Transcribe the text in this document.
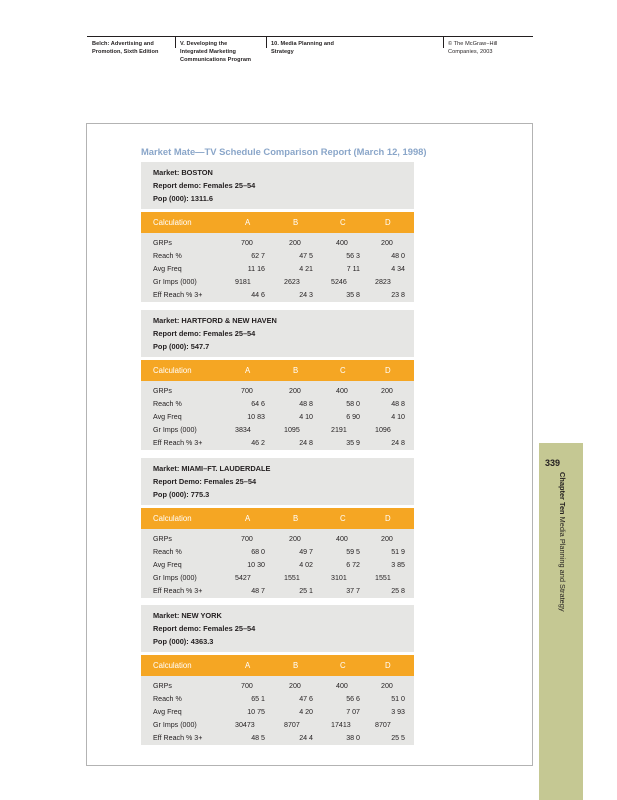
Belch: Advertising and
Promotion, Sixth Edition
V. Developing the
Integrated Marketing
Communications Program
10. Media Planning and
Strategy
© The McGraw−Hill
Companies, 2003
Market Mate—TV Schedule Comparison Report (March 12, 1998)
Market: BOSTON
Report demo: Females 25–54
Pop (000): 1311.6
Calculation	A	B	C	D
GRPs	700	200	400	200
Reach %	62 7	47 5	56 3	48 0
Avg Freq	11 16	4 21	7 11	4 34
Gr Imps (000)	9181	2623	5246	2823
Eff Reach % 3+	44 6	24 3	35 8	23 8
Market: HARTFORD & NEW HAVEN
Report demo: Females 25–54
Pop (000): 547.7
Calculation	A	B	C	D
GRPs	700	200	400	200
Reach %	64 6	48 8	58 0	48 8
Avg Freq	10 83	4 10	6 90	4 10
Gr Imps (000)	3834	1095	2191	1096
Eff Reach % 3+	46 2	24 8	35 9	24 8
Market: MIAMI–FT. LAUDERDALE
Report Demo: Females 25–54
Pop (000): 775.3
Calculation	A	B	C	D
GRPs	700	200	400	200
Reach %	68 0	49 7	59 5	51 9
Avg Freq	10 30	4 02	6 72	3 85
Gr Imps (000)	5427	1551	3101	1551
Eff Reach % 3+	48 7	25 1	37 7	25 8
Market: NEW YORK
Report demo: Females 25–54
Pop (000): 4363.3
Calculation	A	B	C	D
GRPs	700	200	400	200
Reach %	65 1	47 6	56 6	51 0
Avg Freq	10 75	4 20	7 07	3 93
Gr Imps (000)	30473	8707	17413	8707
Eff Reach % 3+	48 5	24 4	38 0	25 5
339
Chapter Ten Media Planning and Strategy
